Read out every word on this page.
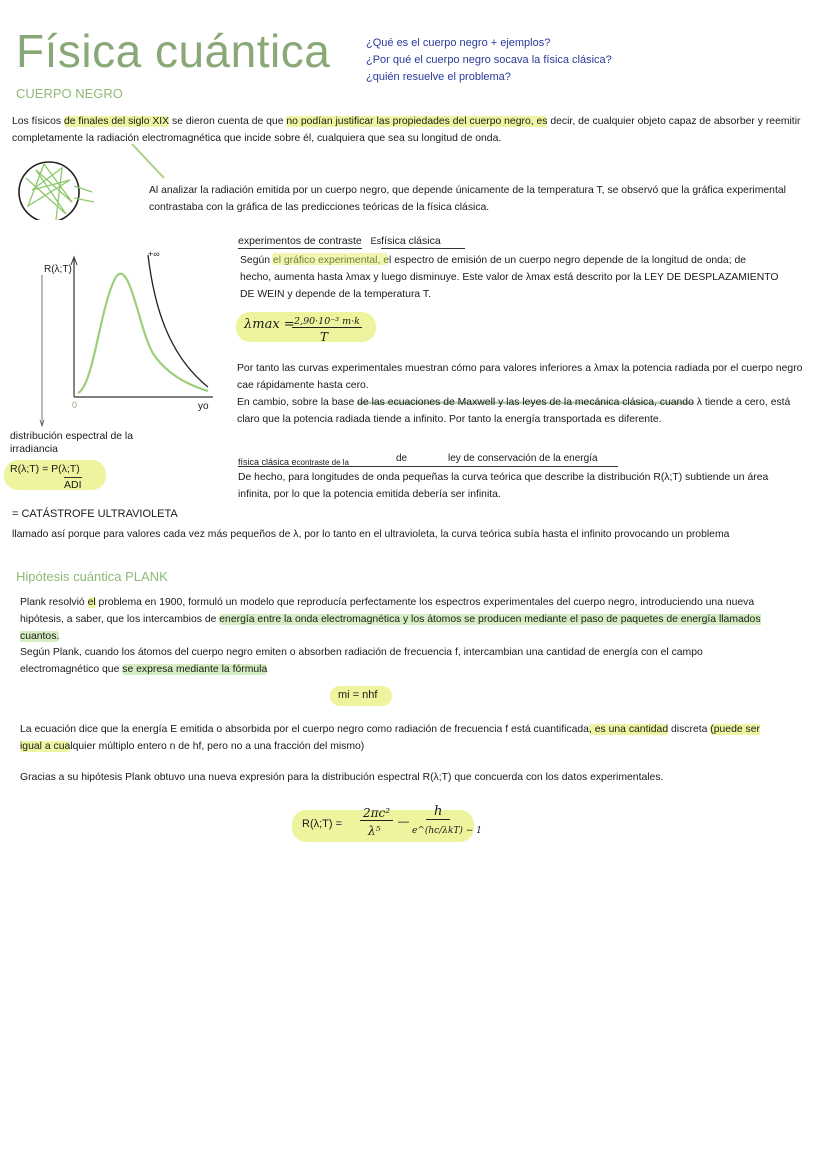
Física cuántica	¿Qué es el cuerpo negro + ejemplos?
¿Por qué el cuerpo negro socava la física clásica?
¿quién resuelve el problema?
CUERPO NEGRO
Los físicos de finales del siglo XIX se dieron cuenta de que no podían justificar las propiedades del cuerpo negro, es decir, de cualquier objeto capaz de absorber y reemitir completamente la radiación electromagnética que incide sobre él, cualquiera que sea su longitud de onda.
Al analizar la radiación emitida por un cuerpo negro, que depende únicamente de la temperatura T, se observó que la gráfica experimental contrastaba con la gráfica de las predicciones teóricas de la física clásica.
R(λ;T)
+∞
0	yo
distribución espectral de la irradiancia
R(λ;T) = P(λ;T)
ADI
experimentos de contraste Esfísica clásica
Según el gráfico experimental, el espectro de emisión de un cuerpo negro depende de la longitud de onda; de hecho, aumenta hasta λmax y luego disminuye. Este valor de λmax está descrito por la LEY DE DESPLAZAMIENTO DE WEIN y depende de la temperatura T.
λmax = 2,90·10⁻³ m·k
T
Por tanto las curvas experimentales muestran cómo para valores inferiores a λmax la potencia radiada por el cuerpo negro cae rápidamente hasta cero.
En cambio, sobre la base de las ecuaciones de Maxwell y las leyes de la mecánica clásica, cuando λ tiende a cero, está claro que la potencia radiada tiende a infinito. Por tanto la energía transportada es diferente.
física clásica econtraste de la	de	ley de conservación de la energía
De hecho, para longitudes de onda pequeñas la curva teórica que describe la distribución R(λ;T) subtiende un área infinita, por lo que la potencia emitida debería ser infinita.
= CATÁSTROFE ULTRAVIOLETA
llamado así porque para valores cada vez más pequeños de λ, por lo tanto en el ultravioleta, la curva teórica subía hasta el infinito provocando un problema
Hipótesis cuántica PLANK
Plank resolvió el problema en 1900, formuló un modelo que reproducía perfectamente los espectros experimentales del cuerpo negro, introduciendo una nueva hipótesis, a saber, que los intercambios de energía entre la onda electromagnética y los átomos se producen mediante el paso de paquetes de energía llamados cuantos.
Según Plank, cuando los átomos del cuerpo negro emiten o absorben radiación de frecuencia f, intercambian una cantidad de energía con el campo electromagnético que se expresa mediante la fórmula
mi = nhf
La ecuación dice que la energía E emitida o absorbida por el cuerpo negro como radiación de frecuencia f está cuantificada, es una cantidad discreta (puede ser igual a cualquier múltiplo entero n de hf, pero no a una fracción del mismo)
Gracias a su hipótesis Plank obtuvo una nueva expresión para la distribución espectral R(λ;T) que concuerda con los datos experimentales.
R(λ;T) =
2πc²
λ⁵
—
h
e^(hc/λkT) − 1
